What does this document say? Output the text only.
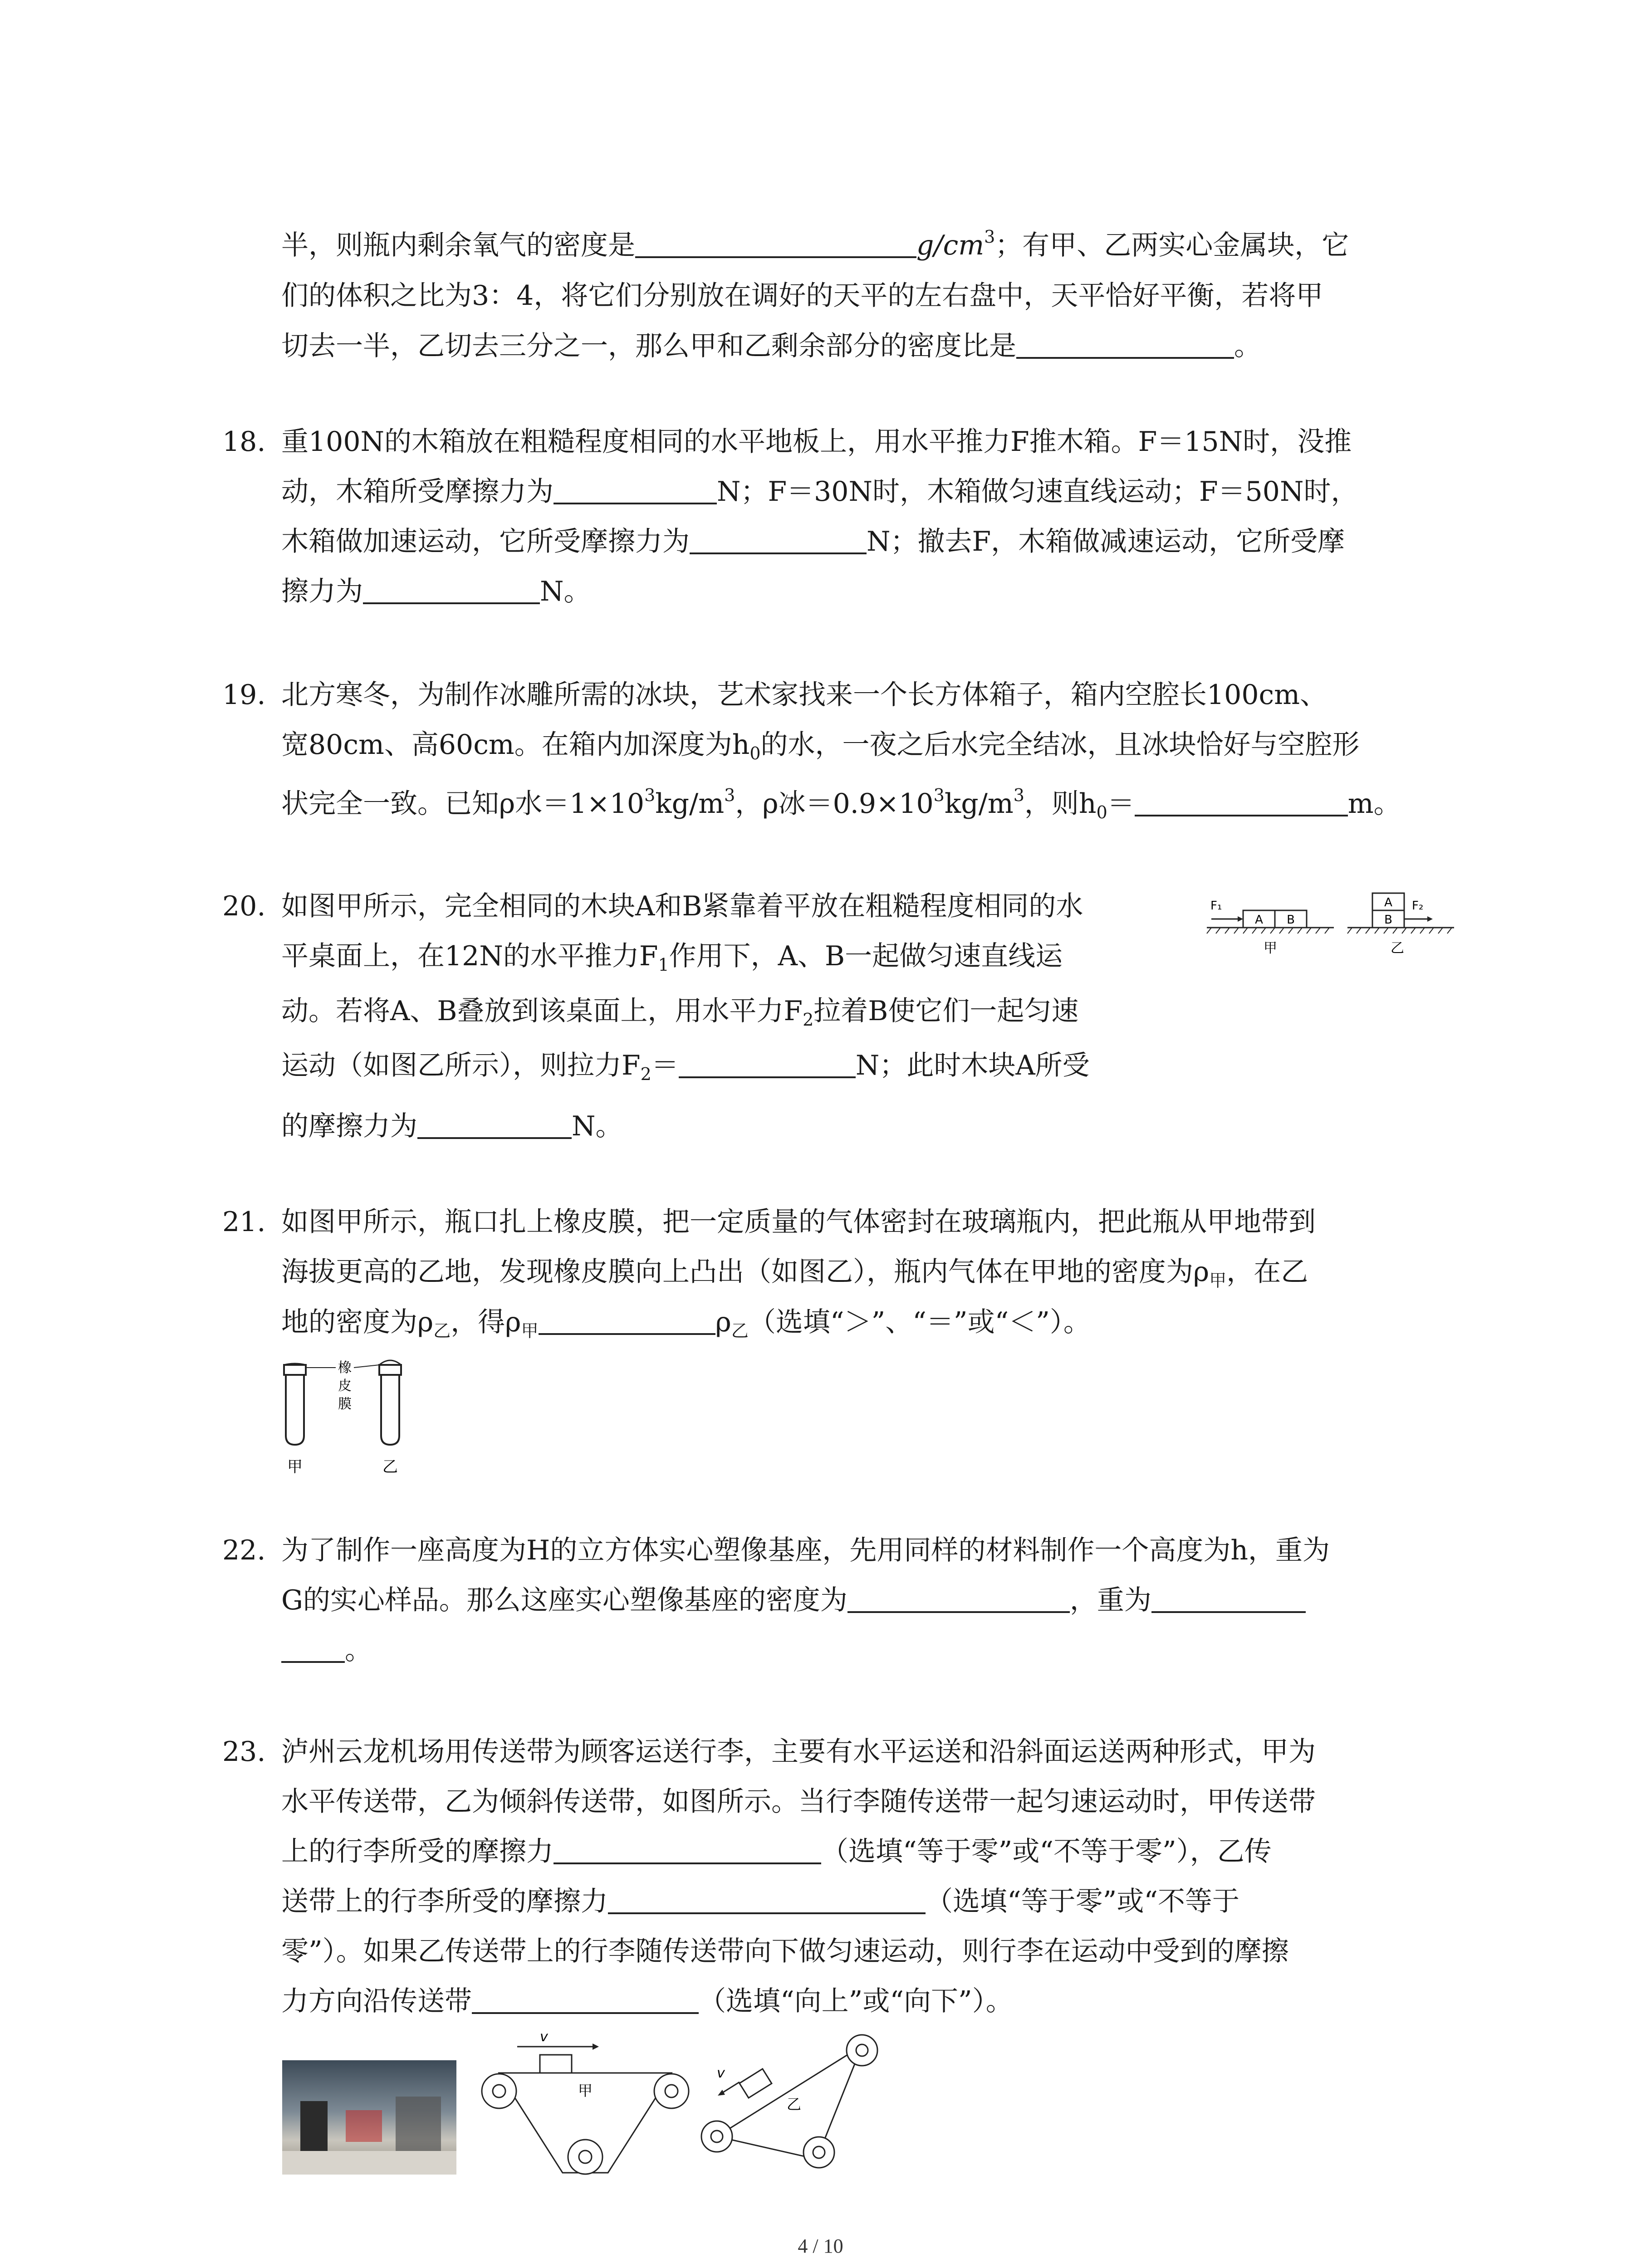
半，则瓶内剩余氧气的密度是	$g/cm^3$；有甲、乙两实心金属块，它
们的体积之比为3：4，将它们分别放在调好的天平的左右盘中，天平恰好平衡，若将甲
切去一半，乙切去三分之一，那么甲和乙剩余部分的密度比是	。
18. 重100N的木箱放在粗糙程度相同的水平地板上，用水平推力F推木箱。F＝15N时，没推
动，木箱所受摩擦力为	N；F＝30N时，木箱做匀速直线运动；F＝50N时，
木箱做加速运动，它所受摩擦力为	N；撤去F，木箱做减速运动，它所受摩
擦力为	N。
19. 北方寒冬，为制作冰雕所需的冰块，艺术家找来一个长方体箱子，箱内空腔长100cm、
宽80cm、高60cm。在箱内加深度为$h_0$的水，一夜之后水完全结冰，且冰块恰好与空腔形
状完全一致。已知ρ水$=1\times 10^3kg/m^3$，ρ冰$=0.9\times 10^3kg/m^3$，则$h_0=$	m。
20. 如图甲所示，完全相同的木块A和B紧靠着平放在粗糙程度相同的水
平桌面上，在12N的水平推力$F_1$作用下，A、B一起做匀速直线运
动。若将A、B叠放到该桌面上，用水平力$F_2$拉着B使它们一起匀速
运动（如图乙所示），则拉力$F_2=$	N；此时木块A所受
的摩擦力为	N。
A B
F₁
甲
A
B
F₂
乙
21. 如图甲所示，瓶口扎上橡皮膜，把一定质量的气体密封在玻璃瓶内，把此瓶从甲地带到
海拔更高的乙地，发现橡皮膜向上凸出（如图乙），瓶内气体在甲地的密度为$\rho_甲$，在乙
地的密度为$\rho_乙$，得$\rho_甲$	$\rho_乙$（选填“＞”、“＝”或“＜”）。
橡
皮
膜
甲	乙
22. 为了制作一座高度为H的立方体实心塑像基座，先用同样的材料制作一个高度为h，重为
G的实心样品。那么这座实心塑像基座的密度为	，重为
。
23. 泸州云龙机场用传送带为顾客运送行李，主要有水平运送和沿斜面运送两种形式，甲为
水平传送带，乙为倾斜传送带，如图所示。当行李随传送带一起匀速运动时，甲传送带
上的行李所受的摩擦力	（选填“等于零”或“不等于零”），乙传
送带上的行李所受的摩擦力	（选填“等于零”或“不等于
零”）。如果乙传送带上的行李随传送带向下做匀速运动，则行李在运动中受到的摩擦
力方向沿传送带	（选填“向上”或“向下”）。
v
甲
v
乙
4 / 10
